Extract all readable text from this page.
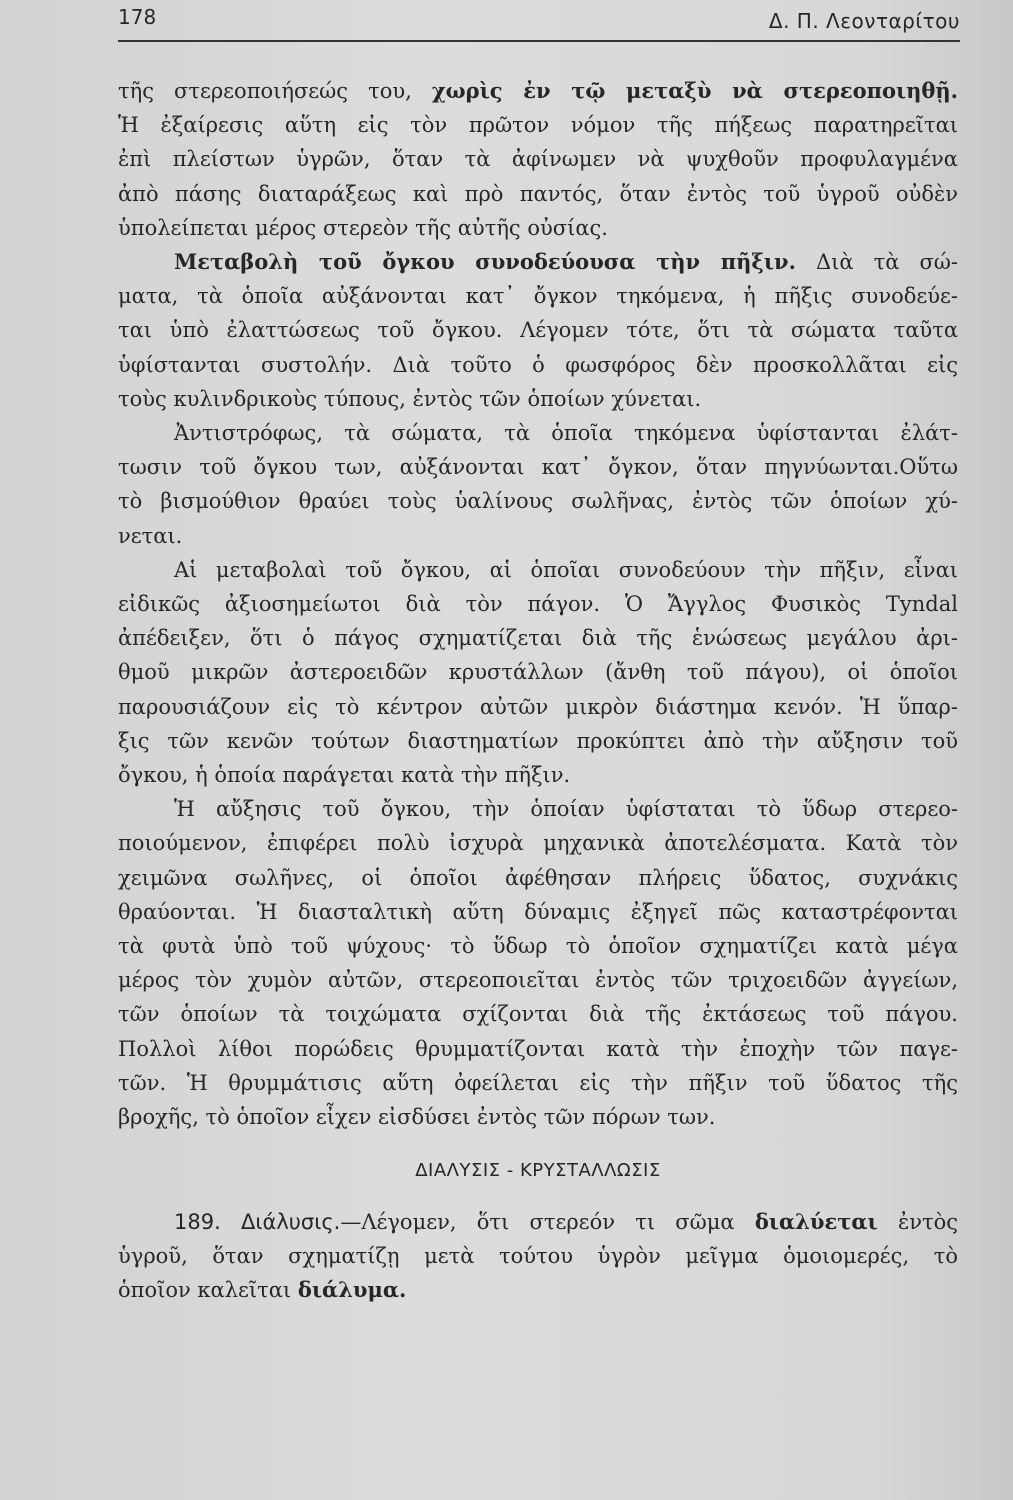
178	Δ. Π. Λεονταρίτου
τῆς στερεοποιήσεώς του, χωρὶς ἐν τῷ μεταξὺ νὰ στερεοποιηθῇ.
Ἡ ἐξαίρεσις αὕτη εἰς τὸν πρῶτον νόμον τῆς πήξεως παρατηρεῖται
ἐπὶ πλείστων ὑγρῶν, ὅταν τὰ ἀφίνωμεν νὰ ψυχθοῦν προφυλαγμένα
ἀπὸ πάσης διαταράξεως καὶ πρὸ παντός, ὅταν ἐντὸς τοῦ ὑγροῦ οὐδὲν
ὑπολείπεται μέρος στερεὸν τῆς αὐτῆς οὐσίας.
Μεταβολὴ τοῦ ὄγκου συνοδεύουσα τὴν πῆξιν. Διὰ τὰ σώ-
ματα, τὰ ὁποῖα αὐξάνονται κατ᾽ ὄγκον τηκόμενα, ἡ πῆξις συνοδεύε-
ται ὑπὸ ἐλαττώσεως τοῦ ὄγκου. Λέγομεν τότε, ὅτι τὰ σώματα ταῦτα
ὑφίστανται συστολήν. Διὰ τοῦτο ὁ φωσφόρος δὲν προσκολλᾶται εἰς
τοὺς κυλινδρικοὺς τύπους, ἐντὸς τῶν ὁποίων χύνεται.
Ἀντιστρόφως, τὰ σώματα, τὰ ὁποῖα τηκόμενα ὑφίστανται ἐλάτ-
τωσιν τοῦ ὄγκου των, αὐξάνονται κατ᾽ ὄγκον, ὅταν πηγνύωνται.Οὕτω
τὸ βισμούθιον θραύει τοὺς ὑαλίνους σωλῆνας, ἐντὸς τῶν ὁποίων χύ-
νεται.
Αἱ μεταβολαὶ τοῦ ὄγκου, αἱ ὁποῖαι συνοδεύουν τὴν πῆξιν, εἶναι
εἰδικῶς ἀξιοσημείωτοι διὰ τὸν πάγον. Ὁ Ἄγγλος Φυσικὸς Tyndal
ἀπέδειξεν, ὅτι ὁ πάγος σχηματίζεται διὰ τῆς ἑνώσεως μεγάλου ἀρι-
θμοῦ μικρῶν ἀστεροειδῶν κρυστάλλων (ἄνθη τοῦ πάγου), οἱ ὁποῖοι
παρουσιάζουν εἰς τὸ κέντρον αὐτῶν μικρὸν διάστημα κενόν. Ἡ ὕπαρ-
ξις τῶν κενῶν τούτων διαστηματίων προκύπτει ἀπὸ τὴν αὔξησιν τοῦ
ὄγκου, ἡ ὁποία παράγεται κατὰ τὴν πῆξιν.
Ἡ αὔξησις τοῦ ὄγκου, τὴν ὁποίαν ὑφίσταται τὸ ὕδωρ στερεο-
ποιούμενον, ἐπιφέρει πολὺ ἰσχυρὰ μηχανικὰ ἀποτελέσματα. Κατὰ τὸν
χειμῶνα σωλῆνες, οἱ ὁποῖοι ἀφέθησαν πλήρεις ὕδατος, συχνάκις
θραύονται. Ἡ διασταλτικὴ αὕτη δύναμις ἐξηγεῖ πῶς καταστρέφονται
τὰ φυτὰ ὑπὸ τοῦ ψύχους· τὸ ὕδωρ τὸ ὁποῖον σχηματίζει κατὰ μέγα
μέρος τὸν χυμὸν αὐτῶν, στερεοποιεῖται ἐντὸς τῶν τριχοειδῶν ἀγγείων,
τῶν ὁποίων τὰ τοιχώματα σχίζονται διὰ τῆς ἐκτάσεως τοῦ πάγου.
Πολλοὶ λίθοι πορώδεις θρυμματίζονται κατὰ τὴν ἐποχὴν τῶν παγε-
τῶν. Ἡ θρυμμάτισις αὕτη ὀφείλεται εἰς τὴν πῆξιν τοῦ ὕδατος τῆς
βροχῆς, τὸ ὁποῖον εἶχεν εἰσδύσει ἐντὸς τῶν πόρων των.
ΔΙΑΛΥΣΙΣ - ΚΡΥΣΤΑΛΛΩΣΙΣ
189. Διάλυσις.—Λέγομεν, ὅτι στερεόν τι σῶμα διαλύεται ἐντὸς
ὑγροῦ, ὅταν σχηματίζῃ μετὰ τούτου ὑγρὸν μεῖγμα ὁμοιομερές, τὸ
ὁποῖον καλεῖται διάλυμα.
